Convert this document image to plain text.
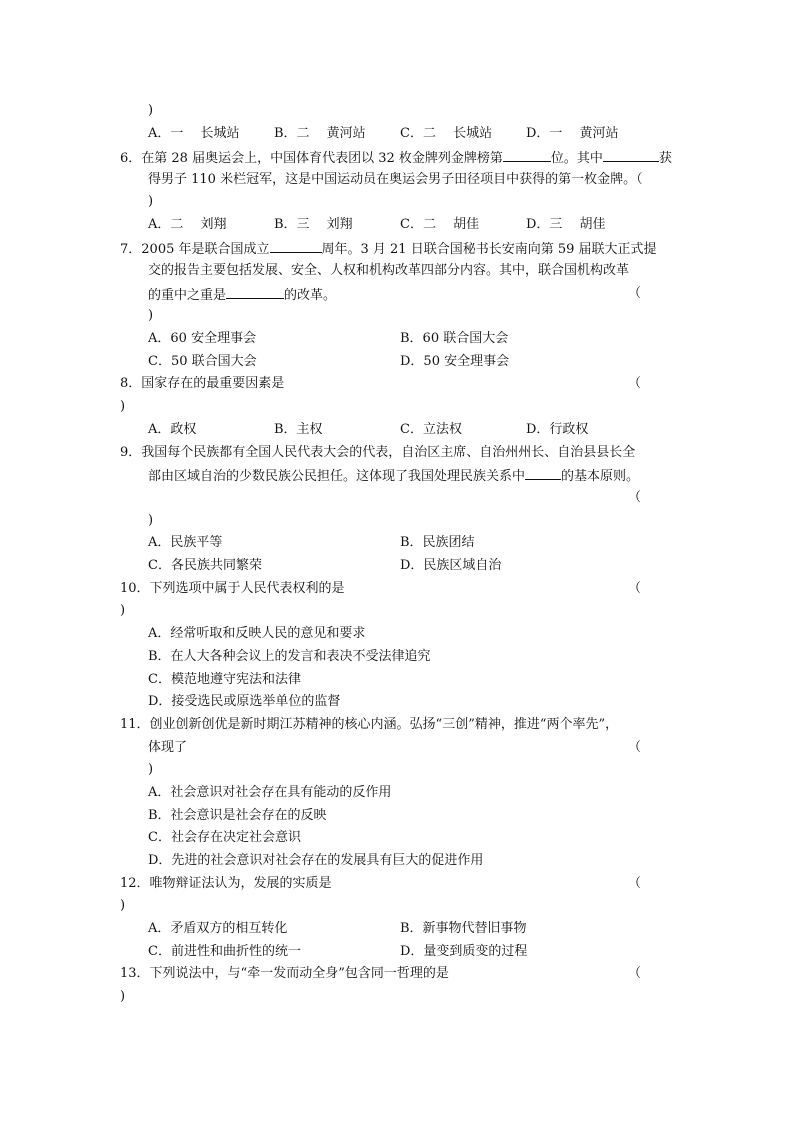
)
A．一　 长城站	B．二　 黄河站	C．二　 长城站	D．一　 黄河站
6．在第 28 届奥运会上，中国体育代表团以 32 枚金牌列金牌榜第	位。其中	获
得男子 110 米栏冠军，这是中国运动员在奥运会男子田径项目中获得的第一枚金牌。（
)
A．二　 刘翔	B．三　 刘翔	C．二　 胡佳	D．三　 胡佳
7．2005 年是联合国成立	周年。3 月 21 日联合国秘书长安南向第 59 届联大正式提
交的报告主要包括发展、安全、人权和机构改革四部分内容。其中，联合国机构改革
的重中之重是	的改革。	（
)
A．60 安全理事会	B．60 联合国大会
C．50 联合国大会	D．50 安全理事会
8．国家存在的最重要因素是	（
)
A．政权	B．主权	C．立法权	D．行政权
9．我国每个民族都有全国人民代表大会的代表，自治区主席、自治州州长、自治县县长全
部由区域自治的少数民族公民担任。这体现了我国处理民族关系中	的基本原则。
（
)
A．民族平等	B．民族团结
C．各民族共同繁荣	D．民族区域自治
10．下列选项中属于人民代表权利的是	（
)
A．经常听取和反映人民的意见和要求
B．在人大各种会议上的发言和表决不受法律追究
C．模范地遵守宪法和法律
D．接受选民或原选举单位的监督
11．创业创新创优是新时期江苏精神的核心内涵。弘扬“三创”精神，推进“两个率先”，
体现了	（
)
A．社会意识对社会存在具有能动的反作用
B．社会意识是社会存在的反映
C．社会存在决定社会意识
D．先进的社会意识对社会存在的发展具有巨大的促进作用
12．唯物辩证法认为，发展的实质是	（
)
A．矛盾双方的相互转化	B．新事物代替旧事物
C．前进性和曲折性的统一	D．量变到质变的过程
13．下列说法中，与“牵一发而动全身”包含同一哲理的是	（
)
